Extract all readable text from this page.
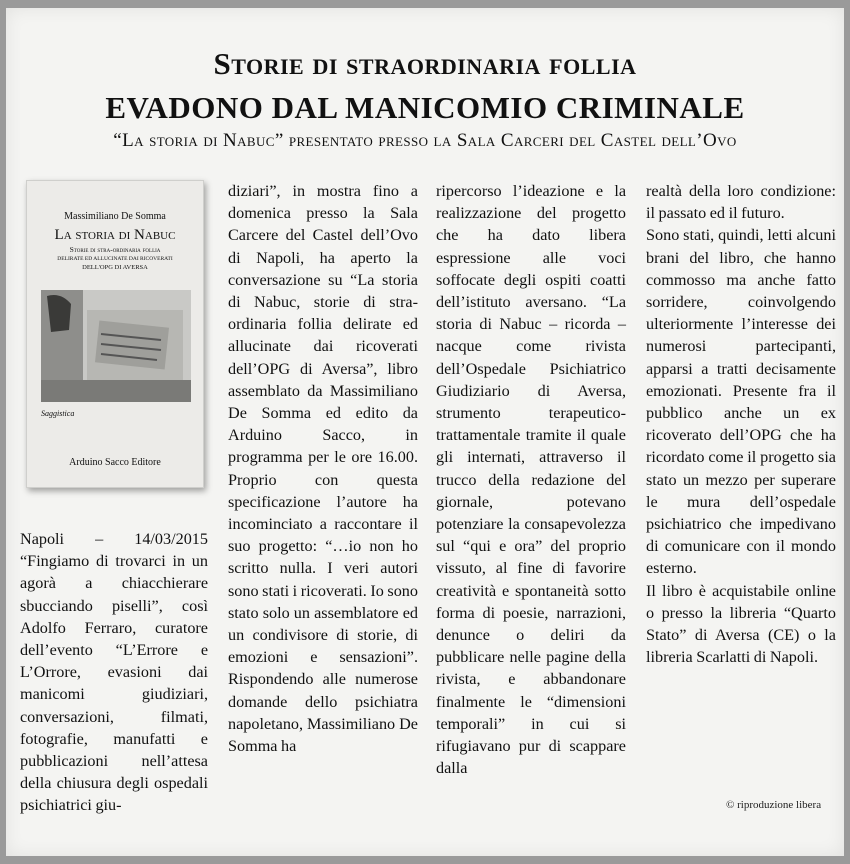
Storie di straordinaria follia
EVADONO DAL MANICOMIO CRIMINALE
“La storia di Nabuc” presentato presso la Sala Carceri del Castel dell’Ovo
Massimiliano De Somma
La storia di Nabuc
Storie di stra-ordinaria follia
DELIRATE ED ALLUCINATE DAI RICOVERATI
DELL'OPG DI AVERSA
Saggistica
Arduino Sacco Editore

Napoli – 14/03/2015 “Fingiamo di trovarci in un agorà a chiacchierare sbucciando piselli”, così Adolfo Ferraro, curatore dell’evento “L’Errore e L’Orrore, evasioni dai manicomi giudiziari, conversazioni, filmati, fotografie, manufatti e pubblicazioni nell’attesa della chiusura degli ospedali psichiatrici giu-

diziari”, in mostra fino a domenica presso la Sala Carcere del Castel dell’Ovo di Napoli, ha aperto la conversazione su “La storia di Nabuc, storie di stra-ordinaria follia delirate ed allucinate dai ricoverati dell’OPG di Aversa”, libro assemblato da Massimiliano De Somma ed edito da Arduino Sacco, in programma per le ore 16.00. Proprio con questa specificazione l’autore ha incominciato a raccontare il suo progetto: “…io non ho scritto nulla. I veri autori sono stati i ricoverati. Io sono stato solo un assemblatore ed un condivisore di storie, di emozioni e sensazioni”. Rispondendo alle numerose domande dello psichiatra napoletano, Massimiliano De Somma ha

ripercorso l’ideazione e la realizzazione del progetto che ha dato libera espressione alle voci soffocate degli ospiti coatti dell’istituto aversano. “La storia di Nabuc – ricorda – nacque come rivista dell’Ospedale Psichiatrico Giudiziario di Aversa, strumento terapeutico-trattamentale tramite il quale gli internati, attraverso il trucco della redazione del giornale, potevano potenziare la consapevolezza sul “qui e ora” del proprio vissuto, al fine di favorire creatività e spontaneità sotto forma di poesie, narrazioni, denunce o deliri da pubblicare nelle pagine della rivista, e abbandonare finalmente le “dimensioni temporali” in cui si rifugiavano pur di scappare dalla

realtà della loro condizione: il passato ed il futuro.
Sono stati, quindi, letti alcuni brani del libro, che hanno commosso ma anche fatto sorridere, coinvolgendo ulteriormente l’interesse dei numerosi partecipanti, apparsi a tratti decisamente emozionati. Presente fra il pubblico anche un ex ricoverato dell’OPG che ha ricordato come il progetto sia stato un mezzo per superare le mura dell’ospedale psichiatrico che impedivano di comunicare con il mondo esterno.
Il libro è acquistabile online o presso la libreria “Quarto Stato” di Aversa (CE) o la libreria Scarlatti di Napoli.

© riproduzione libera
